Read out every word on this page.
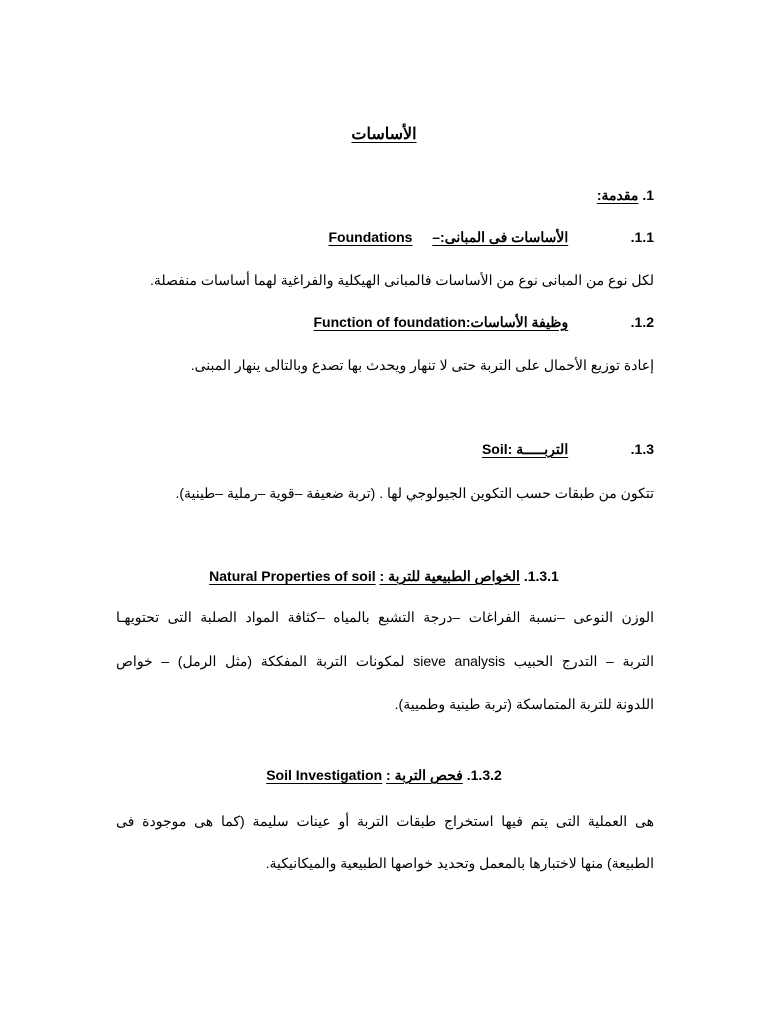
الأساسات
.1 مقدمة:
.1.1  الأساسات فى المبانى:–  Foundations
لكل نوع من المبانى نوع من الأساسات فالمبانى الهيكلية والفراغية لهما أساسات منفصلة.
.1.2  وظيفة الأساسات:Function of foundation
إعادة توزيع الأحمال على التربة حتى لا تنهار ويحدث بها تصدع وبالتالى ينهار المبنى.
.1.3  التربـــــة :Soil
تتكون من طبقات حسب التكوين الجيولوجي لها . (تربة ضعيفة –قوية –رملية –طينية).
.1.3.1 الخواص الطبيعية للتربة : Natural Properties of soil
الوزن النوعى –نسبة الفراغات –درجة التشبع بالمياه –كثافة المواد الصلبة التى تحتويهـا
التربة – التدرج الحبيب sieve analysis لمكونات التربة المفككة (مثل الرمل) – خواص
اللدونة للتربة المتماسكة (تربة طينية وطميية).
.1.3.2 فحص التربة : Soil Investigation
هى العملية التى يتم فيها استخراج طبقات التربة أو عينات سليمة (كما هى موجودة فى
الطبيعة) منها لاختبارها بالمعمل وتحديد خواصها الطبيعية والميكانيكية.
